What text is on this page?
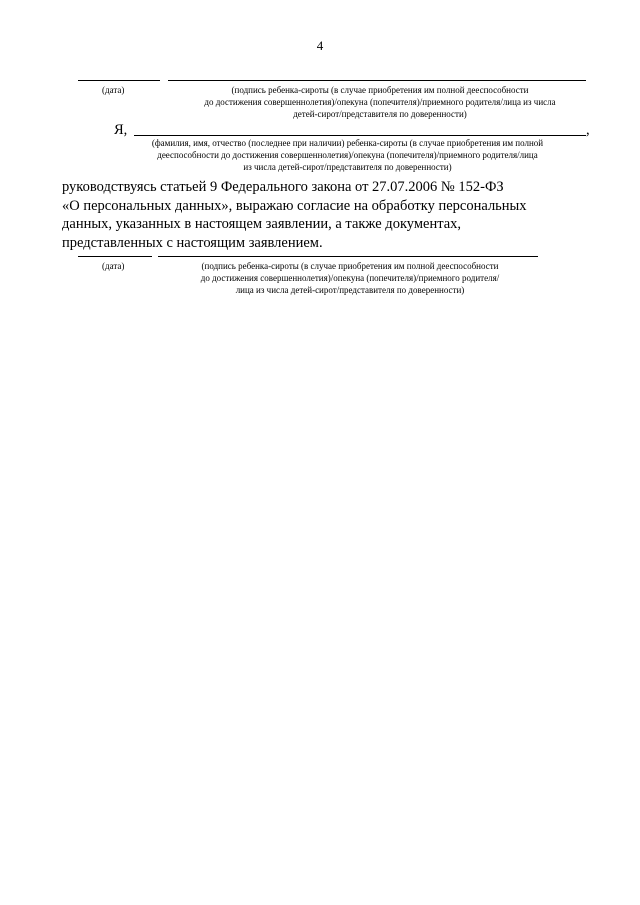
4
(дата)	(подпись ребенка-сироты (в случае приобретения им полной дееспособности
до достижения совершеннолетия)/опекуна (попечителя)/приемного родителя/лица из числа
детей-сирот/представителя по доверенности)
Я,	,
(фамилия, имя, отчество (последнее при наличии) ребенка-сироты (в случае приобретения им полной
дееспособности до достижения совершеннолетия)/опекуна (попечителя)/приемного родителя/лица
из числа детей-сирот/представителя по доверенности)
руководствуясь статьей 9 Федерального закона от 27.07.2006 № 152-ФЗ
«О персональных данных», выражаю согласие на обработку персональных
данных, указанных в настоящем заявлении, а также документах,
представленных с настоящим заявлением.
(дата)	(подпись ребенка-сироты (в случае приобретения им полной дееспособности
до достижения совершеннолетия)/опекуна (попечителя)/приемного родителя/
лица из числа детей-сирот/представителя по доверенности)
